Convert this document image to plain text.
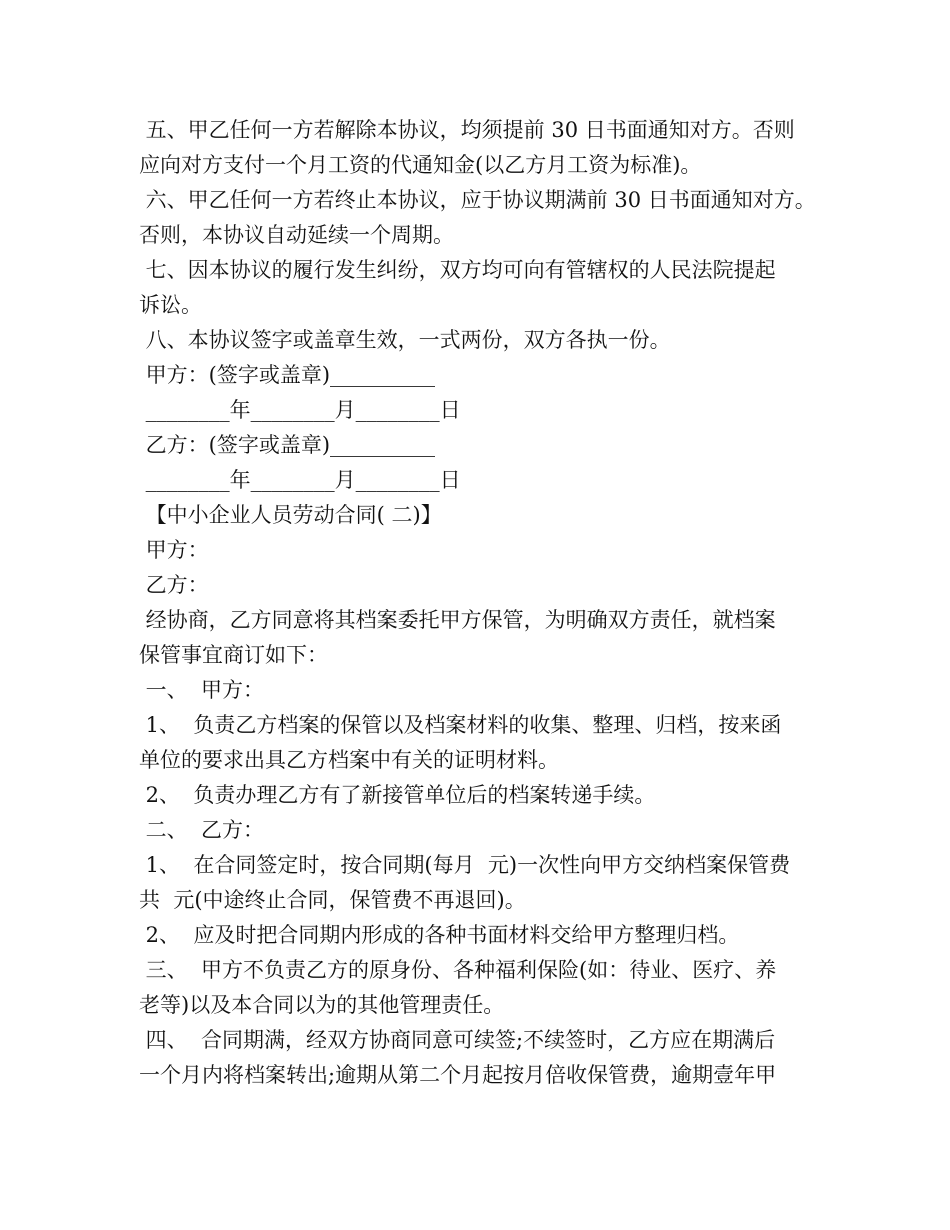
五、甲乙任何一方若解除本协议，均须提前 30 日书面通知对方。否则
应向对方支付一个月工资的代通知金(以乙方月工资为标准)。
六、甲乙任何一方若终止本协议，应于协议期满前 30 日书面通知对方。
否则，本协议自动延续一个周期。
七、因本协议的履行发生纠纷，双方均可向有管辖权的人民法院提起
诉讼。
八、本协议签字或盖章生效，一式两份，双方各执一份。
甲方：(签字或盖章)__________
________年________月________日
乙方：(签字或盖章)__________
________年________月________日
【中小企业人员劳动合同( 二)】
甲方：
乙方：
经协商，乙方同意将其档案委托甲方保管，为明确双方责任，就档案
保管事宜商订如下：
一、  甲方：
1、  负责乙方档案的保管以及档案材料的收集、整理、归档，按来函
单位的要求出具乙方档案中有关的证明材料。
2、  负责办理乙方有了新接管单位后的档案转递手续。
二、  乙方：
1、  在合同签定时，按合同期(每月  元)一次性向甲方交纳档案保管费
共  元(中途终止合同，保管费不再退回)。
2、  应及时把合同期内形成的各种书面材料交给甲方整理归档。
三、  甲方不负责乙方的原身份、各种福利保险(如：待业、医疗、养
老等)以及本合同以为的其他管理责任。
四、  合同期满，经双方协商同意可续签;不续签时，乙方应在期满后
一个月内将档案转出;逾期从第二个月起按月倍收保管费，逾期壹年甲
